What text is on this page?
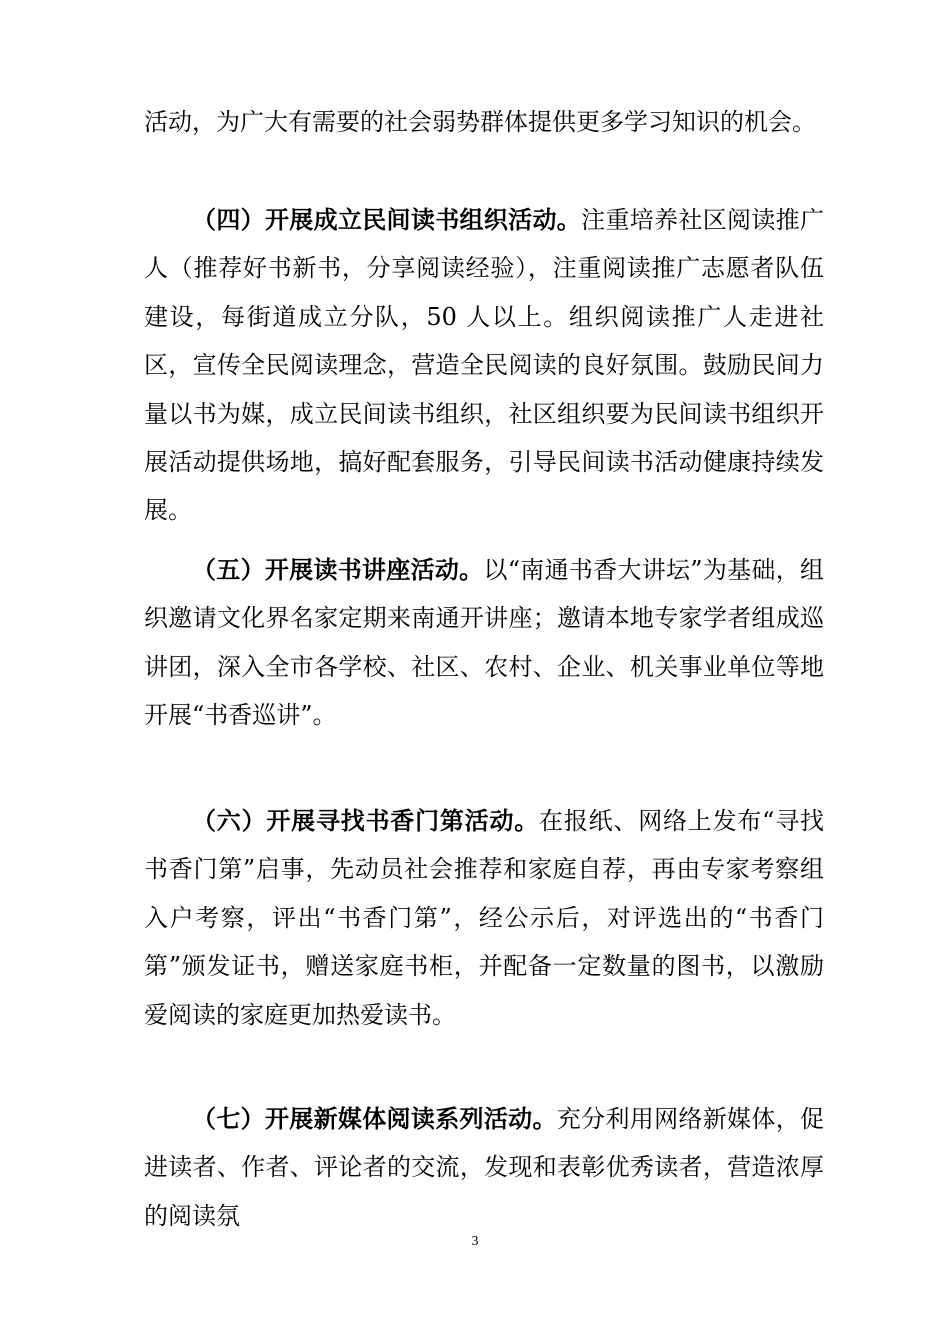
活动，为广大有需要的社会弱势群体提供更多学习知识的机会。

（四）开展成立民间读书组织活动。注重培养社区阅读推广人（推荐好书新书，分享阅读经验），注重阅读推广志愿者队伍建设，每街道成立分队，50 人以上。组织阅读推广人走进社区，宣传全民阅读理念，营造全民阅读的良好氛围。鼓励民间力量以书为媒，成立民间读书组织，社区组织要为民间读书组织开展活动提供场地，搞好配套服务，引导民间读书活动健康持续发展。

（五）开展读书讲座活动。以“南通书香大讲坛”为基础，组织邀请文化界名家定期来南通开讲座；邀请本地专家学者组成巡讲团，深入全市各学校、社区、农村、企业、机关事业单位等地开展“书香巡讲”。

（六）开展寻找书香门第活动。在报纸、网络上发布“寻找书香门第”启事，先动员社会推荐和家庭自荐，再由专家考察组入户考察，评出“书香门第”，经公示后，对评选出的“书香门第”颁发证书，赠送家庭书柜，并配备一定数量的图书，以激励爱阅读的家庭更加热爱读书。

（七）开展新媒体阅读系列活动。充分利用网络新媒体，促进读者、作者、评论者的交流，发现和表彰优秀读者，营造浓厚的阅读氛

3
